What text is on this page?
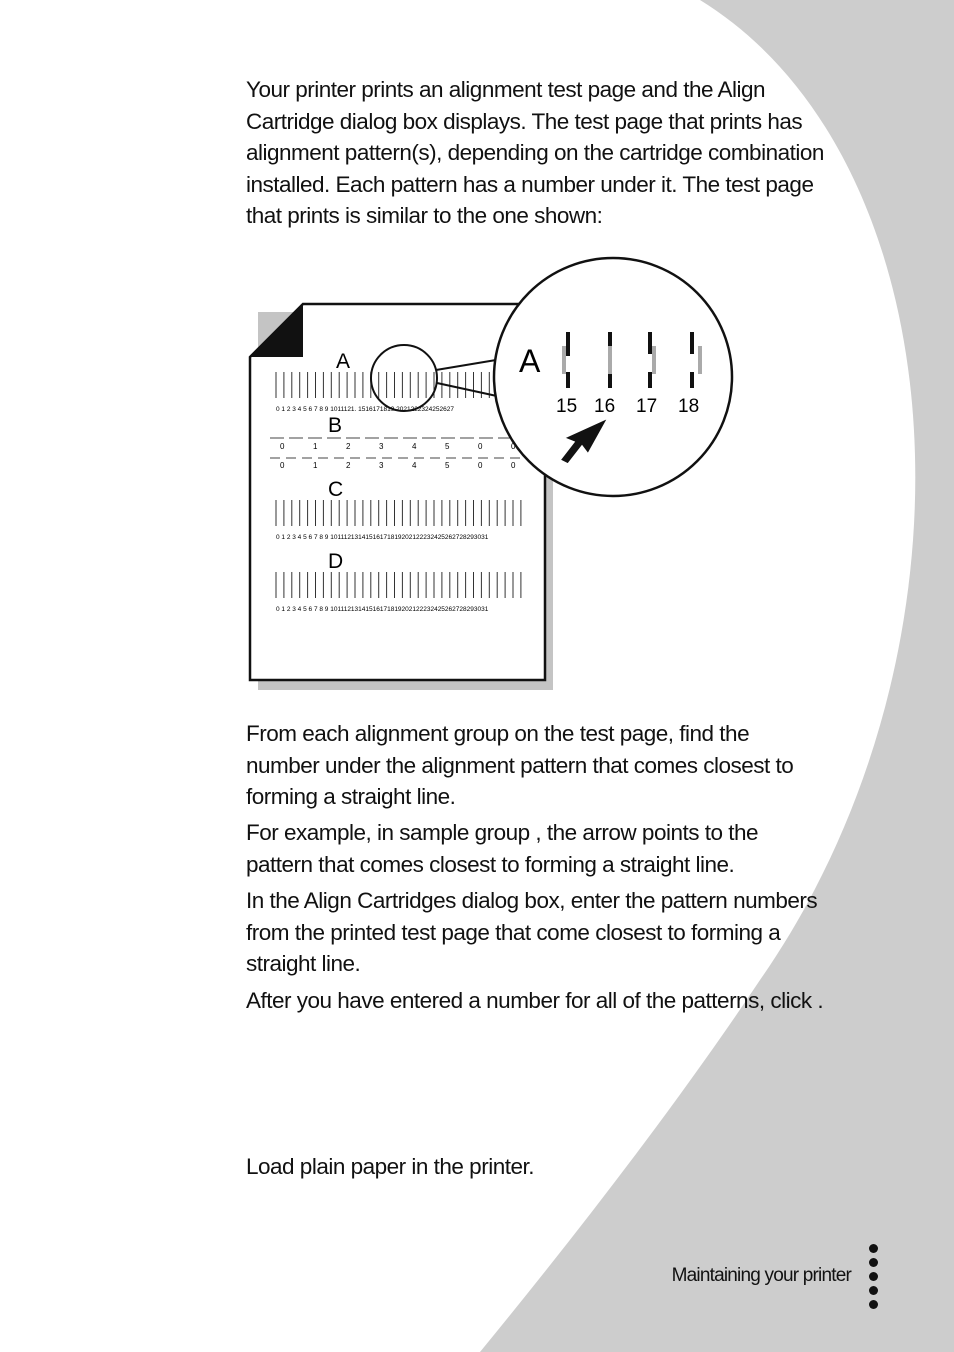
Your printer prints an alignment test page and the Align Cartridge dialog box displays. The test page that prints has alignment pattern(s), depending on the cartridge combination installed. Each pattern has a number under it. The test page that prints is similar to the one shown:

A
B
C
D
0 1 2 3 4 5 6 7 8 9 1011121. 1516171819 2021222324252627
0	1	2	3	4	5	0	0
0	1	2	3	4	5	0	0
0 1 2 3 4 5 6 7 8 9 10111213141516171819202122232425262728293031
0 1 2 3 4 5 6 7 8 9 10111213141516171819202122232425262728293031
A
15 16 17 18

From each alignment group on the test page, find the number under the alignment pattern that comes closest to forming a straight line.

For example, in sample group , the arrow points to the pattern that comes closest to forming a straight line.

In the Align Cartridges dialog box, enter the pattern numbers from the printed test page that come closest to forming a straight line.

After you have entered a number for all of the patterns, click .

Load plain paper in the printer.

Maintaining your printer
